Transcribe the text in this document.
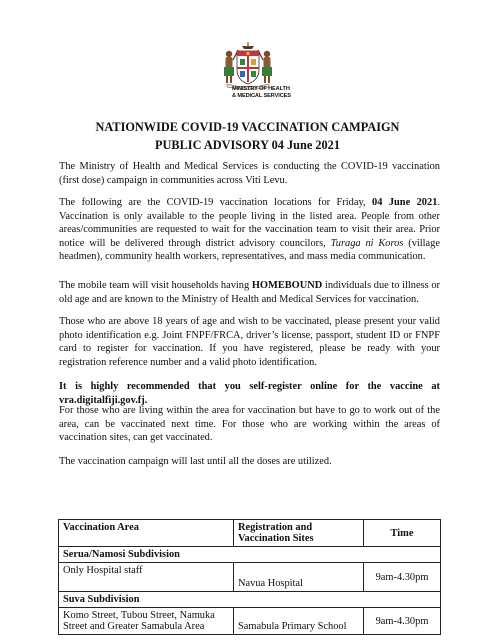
MINISTRY OF HEALTH
& MEDICAL SERVICES
NATIONWIDE COVID-19 VACCINATION CAMPAIGN
PUBLIC ADVISORY 04 June 2021

The Ministry of Health and Medical Services is conducting the COVID-19 vaccination (first dose) campaign in communities across Viti Levu.

The following are the COVID-19 vaccination locations for Friday, 04 June 2021. Vaccination is only available to the people living in the listed area. People from other areas/communities are requested to wait for the vaccination team to visit their area. Prior notice will be delivered through district advisory councilors, Turaga ni Koros (village headmen), community health workers, representatives, and mass media communication.

The mobile team will visit households having HOMEBOUND individuals due to illness or old age and are known to the Ministry of Health and Medical Services for vaccination.

Those who are above 18 years of age and wish to be vaccinated, please present your valid photo identification e.g. Joint FNPF/FRCA, driver’s license, passport, student ID or FNPF card to register for vaccination. If you have registered, please be ready with your registration reference number and a valid photo identification.

It is highly recommended that you self-register online for the vaccine at vra.digitalfiji.gov.fj.

For those who are living within the area for vaccination but have to go to work out of the area, can be vaccinated next time. For those who are working within the areas of vaccination sites, can get vaccinated.

The vaccination campaign will last until all the doses are utilized.

Vaccination Area	Registration and Vaccination Sites	Time
Serua/Namosi Subdivision		
Only Hospital staff	Navua Hospital	9am-4.30pm
Suva Subdivision		
Komo Street, Tubou Street, Namuka Street and Greater Samabula Area	Samabula Primary School	9am-4.30pm
